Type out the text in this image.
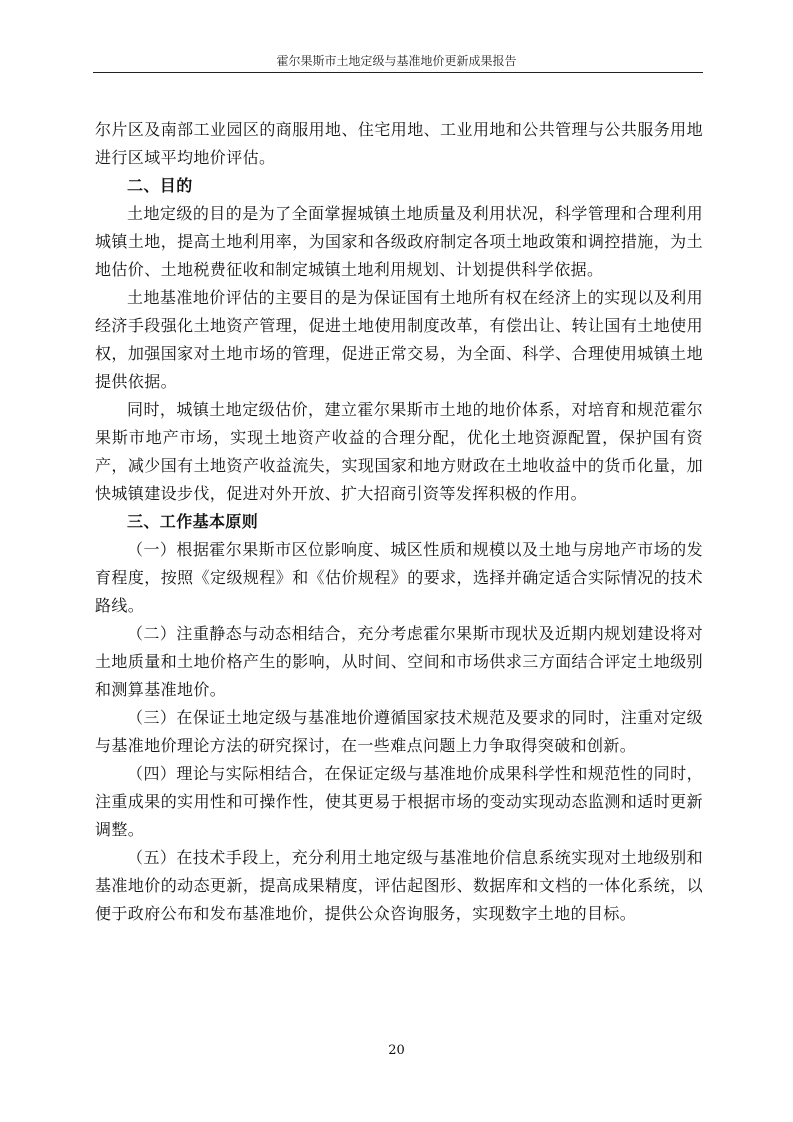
霍尔果斯市土地定级与基准地价更新成果报告

尔片区及南部工业园区的商服用地、住宅用地、工业用地和公共管理与公共服务用地进行区域平均地价评估。

二、目的

土地定级的目的是为了全面掌握城镇土地质量及利用状况，科学管理和合理利用城镇土地，提高土地利用率，为国家和各级政府制定各项土地政策和调控措施，为土地估价、土地税费征收和制定城镇土地利用规划、计划提供科学依据。

土地基准地价评估的主要目的是为保证国有土地所有权在经济上的实现以及利用经济手段强化土地资产管理，促进土地使用制度改革，有偿出让、转让国有土地使用权，加强国家对土地市场的管理，促进正常交易，为全面、科学、合理使用城镇土地提供依据。

同时，城镇土地定级估价，建立霍尔果斯市土地的地价体系，对培育和规范霍尔果斯市地产市场，实现土地资产收益的合理分配，优化土地资源配置，保护国有资产，减少国有土地资产收益流失，实现国家和地方财政在土地收益中的货币化量，加快城镇建设步伐，促进对外开放、扩大招商引资等发挥积极的作用。

三、工作基本原则

（一）根据霍尔果斯市区位影响度、城区性质和规模以及土地与房地产市场的发育程度，按照《定级规程》和《估价规程》的要求，选择并确定适合实际情况的技术路线。

（二）注重静态与动态相结合，充分考虑霍尔果斯市现状及近期内规划建设将对土地质量和土地价格产生的影响，从时间、空间和市场供求三方面结合评定土地级别和测算基准地价。

（三）在保证土地定级与基准地价遵循国家技术规范及要求的同时，注重对定级与基准地价理论方法的研究探讨，在一些难点问题上力争取得突破和创新。

（四）理论与实际相结合，在保证定级与基准地价成果科学性和规范性的同时，注重成果的实用性和可操作性，使其更易于根据市场的变动实现动态监测和适时更新调整。

（五）在技术手段上，充分利用土地定级与基准地价信息系统实现对土地级别和基准地价的动态更新，提高成果精度，评估起图形、数据库和文档的一体化系统，以便于政府公布和发布基准地价，提供公众咨询服务，实现数字土地的目标。

20
